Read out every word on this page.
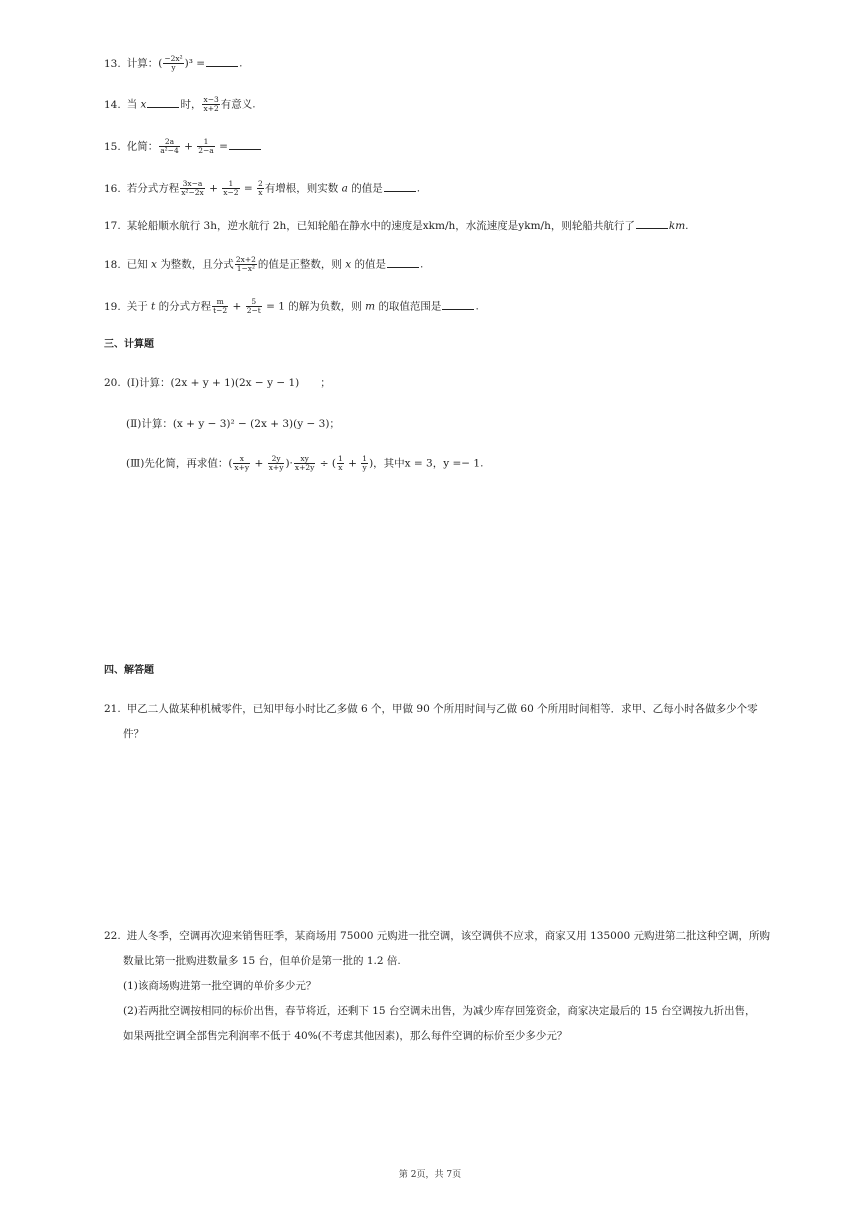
13. 计算：( $\frac{\text{−2x²}}{y} )^3$ =	.
14. 当 x	时， $\frac{x-3}{x+2}$ 有意义.
15. 化简： $\frac{2a}{\text{a²−4}} + \frac{1}{2-a}$ =
16. 若分式方程 $\frac{3x-a}{\text{x²−2x}} + \frac{1}{x-2} = \frac{2}{x}$ 有增根，则实数 a 的值是	.
17. 某轮船顺水航行 3h，逆水航行 2h，已知轮船在静水中的速度是xkm/h，水流速度是ykm/h，则轮船共航行了	km.
18. 已知 x 为整数，且分式 $\frac{2x+2}{\text{1−x²}}$ 的值是正整数，则 x 的值是	.
19. 关于 t 的分式方程 $\frac{m}{t-2} + \frac{5}{2-t} = 1$ 的解为负数，则 m 的取值范围是	.
三、计算题
20. (Ⅰ)计算：(2x + y + 1)(2x − y − 1)　　；
(Ⅱ)计算：(x + y − 3)² − (2x + 3)(y − 3)；
(Ⅲ)先化简，再求值：( $\frac{x}{x+y} + \frac{2y}{x+y}$ )· $\frac{xy}{x+2y}$ ÷ ( $\frac{1}{x} + \frac{1}{y}$ )，其中x = 3，y =− 1.
四、解答题
21. 甲乙二人做某种机械零件，已知甲每小时比乙多做 6 个，甲做 90 个所用时间与乙做 60 个所用时间相等．求甲、乙每小时各做多少个零
件？
22. 进人冬季，空调再次迎来销售旺季，某商场用 75000 元购进一批空调，该空调供不应求，商家又用 135000 元购进第二批这种空调，所购
数量比第一批购进数量多 15 台，但单价是第一批的 1.2 倍.
(1)该商场购进第一批空调的单价多少元？
(2)若两批空调按相同的标价出售，春节将近，还剩下 15 台空调未出售，为减少库存回笼资金，商家决定最后的 15 台空调按九折出售，
如果两批空调全部售完利润率不低于 40%(不考虑其他因素)，那么每件空调的标价至少多少元？
第 2页，共 7页
